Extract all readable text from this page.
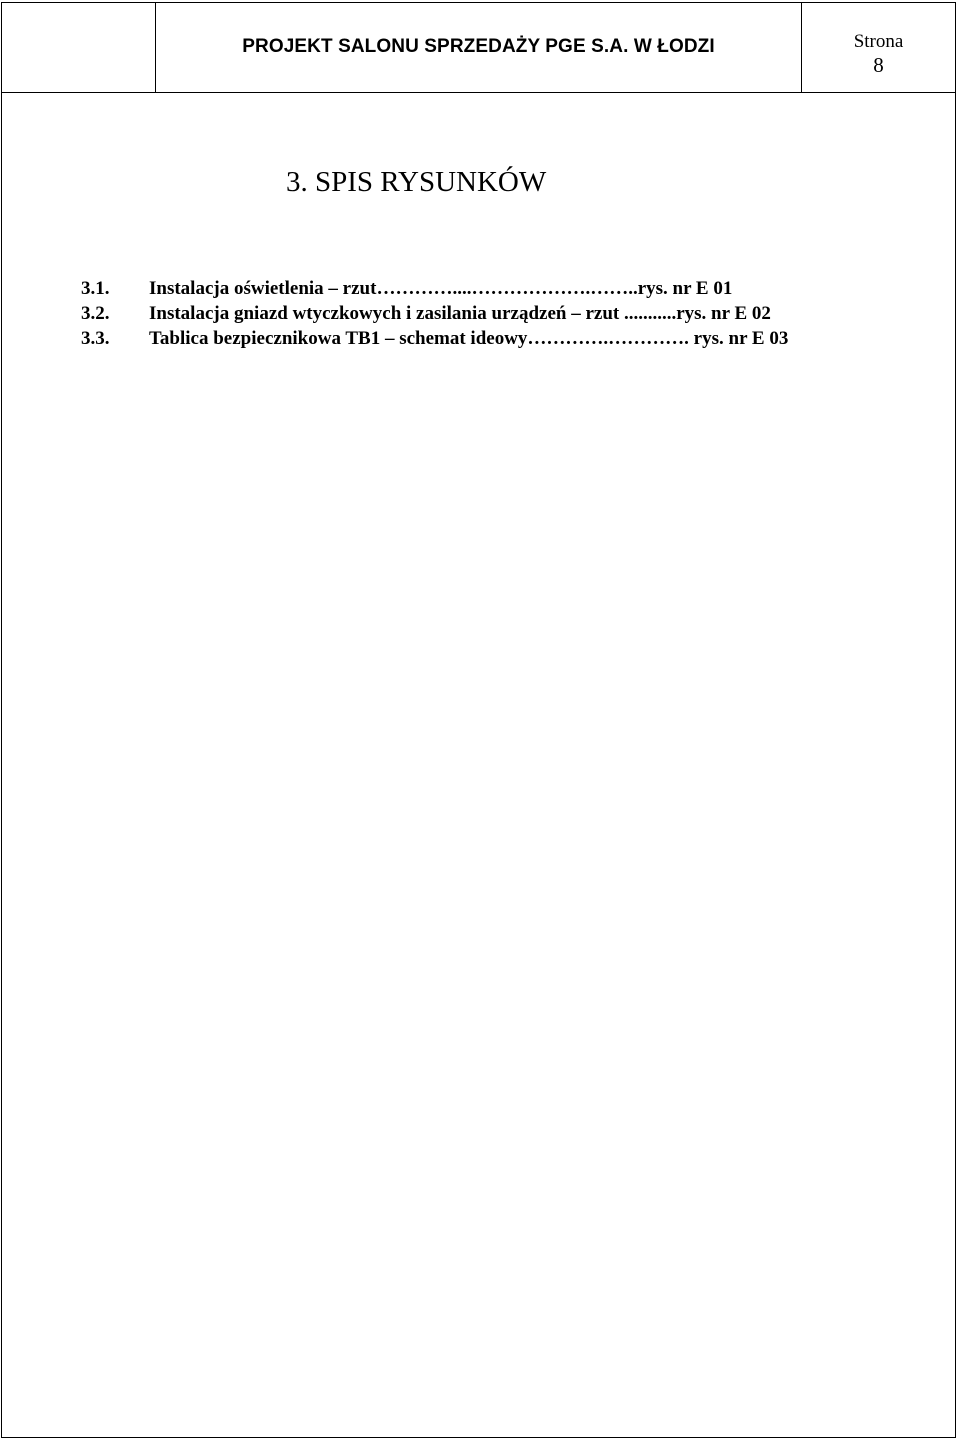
PROJEKT SALONU SPRZEDAŻY PGE S.A. W ŁODZI	Strona
8
3. SPIS RYSUNKÓW
3.1. Instalacja oświetlenia – rzut…………....……………….……..rys. nr E 01
3.2. Instalacja gniazd wtyczkowych i zasilania urządzeń – rzut ...........rys. nr E 02
3.3. Tablica bezpiecznikowa TB1 – schemat ideowy………….…………. rys. nr E 03
